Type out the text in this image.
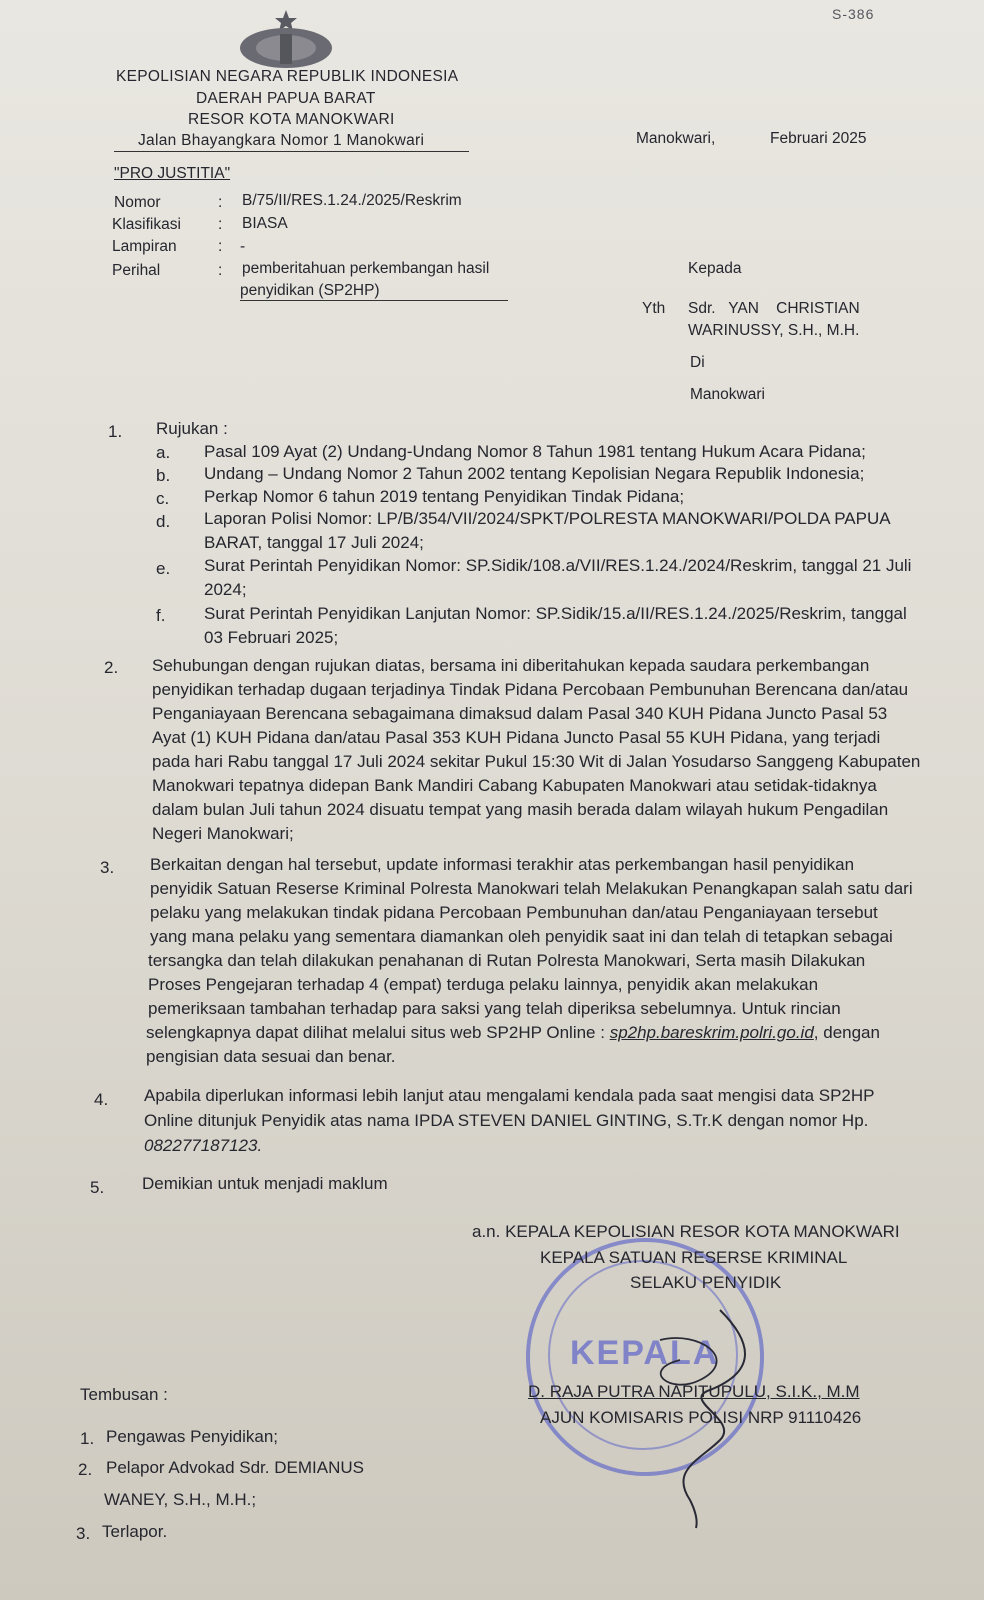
S-386
KEPOLISIAN NEGARA REPUBLIK INDONESIA
DAERAH PAPUA BARAT
RESOR KOTA MANOKWARI
Jalan Bhayangkara Nomor 1 Manokwari	Manokwari,	Februari 2025
"PRO JUSTITIA"
Nomor	: B/75/II/RES.1.24./2025/Reskrim
Klasifikasi : BIASA
Lampiran	: -
Perihal	: pemberitahuan perkembangan hasil
penyidikan (SP2HP)
Kepada
Yth Sdr.   YAN    CHRISTIAN
WARINUSSY, S.H., M.H.
Di
Manokwari
1. Rujukan :
a. Pasal 109 Ayat (2) Undang-Undang Nomor 8 Tahun 1981 tentang Hukum Acara Pidana;
b. Undang – Undang Nomor 2 Tahun 2002 tentang Kepolisian Negara Republik Indonesia;
c. Perkap Nomor 6 tahun 2019 tentang Penyidikan Tindak Pidana;
d. Laporan Polisi Nomor: LP/B/354/VII/2024/SPKT/POLRESTA MANOKWARI/POLDA PAPUA
BARAT, tanggal 17 Juli 2024;
e. Surat Perintah Penyidikan Nomor: SP.Sidik/108.a/VII/RES.1.24./2024/Reskrim, tanggal 21 Juli
2024;
f. Surat Perintah Penyidikan Lanjutan Nomor: SP.Sidik/15.a/II/RES.1.24./2025/Reskrim, tanggal
03 Februari 2025;
2. Sehubungan dengan rujukan diatas, bersama ini diberitahukan kepada saudara perkembangan
penyidikan terhadap dugaan terjadinya Tindak Pidana Percobaan Pembunuhan Berencana dan/atau
Penganiayaan Berencana sebagaimana dimaksud dalam Pasal 340 KUH Pidana Juncto Pasal 53
Ayat (1) KUH Pidana dan/atau Pasal 353 KUH Pidana Juncto Pasal 55 KUH Pidana, yang terjadi
pada hari Rabu tanggal 17 Juli 2024 sekitar Pukul 15:30 Wit di Jalan Yosudarso Sanggeng Kabupaten
Manokwari tepatnya didepan Bank Mandiri Cabang Kabupaten Manokwari atau setidak-tidaknya
dalam bulan Juli tahun 2024 disuatu tempat yang masih berada dalam wilayah hukum Pengadilan
Negeri Manokwari;
3. Berkaitan dengan hal tersebut, update informasi terakhir atas perkembangan hasil penyidikan
penyidik Satuan Reserse Kriminal Polresta Manokwari telah Melakukan Penangkapan salah satu dari
pelaku yang melakukan tindak pidana Percobaan Pembunuhan dan/atau Penganiayaan tersebut
yang mana pelaku yang sementara diamankan oleh penyidik saat ini dan telah di tetapkan sebagai
tersangka dan telah dilakukan penahanan di Rutan Polresta Manokwari, Serta masih Dilakukan
Proses Pengejaran terhadap 4 (empat) terduga pelaku lainnya, penyidik akan melakukan
pemeriksaan tambahan terhadap para saksi yang telah diperiksa sebelumnya. Untuk rincian
selengkapnya dapat dilihat melalui situs web SP2HP Online : sp2hp.bareskrim.polri.go.id, dengan
pengisian data sesuai dan benar.
4. Apabila diperlukan informasi lebih lanjut atau mengalami kendala pada saat mengisi data SP2HP
Online ditunjuk Penyidik atas nama IPDA STEVEN DANIEL GINTING, S.Tr.K dengan nomor Hp.
082277187123.
5. Demikian untuk menjadi maklum
KEPALA
a.n. KEPALA KEPOLISIAN RESOR KOTA MANOKWARI
KEPALA SATUAN RESERSE KRIMINAL
SELAKU PENYIDIK
D. RAJA PUTRA NAPITUPULU, S.I.K., M.M
AJUN KOMISARIS POLISI NRP 91110426
Tembusan :
1. Pengawas Penyidikan;
2. Pelapor Advokad Sdr. DEMIANUS
WANEY, S.H., M.H.;
3. Terlapor.
